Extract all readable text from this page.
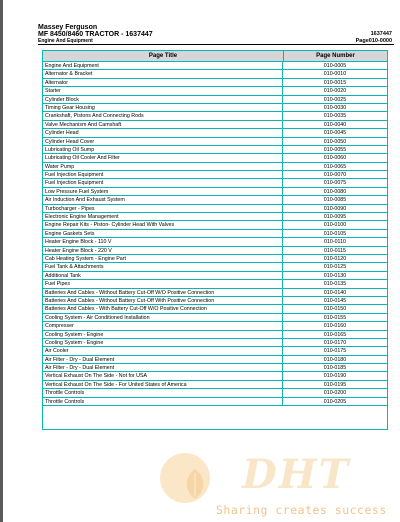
Massey Ferguson
MF 8450/8460 TRACTOR - 1637447	1637447
Engine And Equipment	Page010-0000
Page Title	Page Number
Engine And Equipment	010-0005
Alternator & Bracket	010-0010
Alternator	010-0015
Starter	010-0020
Cylinder Block	010-0025
Timing Gear Housing	010-0030
Crankshaft, Pistons And Connecting Rods	010-0035
Valve Mechanism And Camshaft	010-0040
Cylinder Head	010-0045
Cylinder Head Cover	010-0050
Lubricating Oil Sump	010-0055
Lubricating Oil Cooler And Filter	010-0060
Water Pump	010-0065
Fuel Injection Equipment	010-0070
Fuel Injection Equipment	010-0075
Low Pressure Fuel System	010-0080
Air Induction And Exhaust System	010-0085
Turbocharger - Pipes	010-0090
Electronic Engine Management	010-0095
Engine Repair Kits - Piston- Cylinder Head With Valves	010-0100
Engine Gaskets Sets	010-0105
Heater Engine Block - 110 V	010-0110
Heater Engine Block - 220 V	010-0115
Cab Heating System - Engine Part	010-0120
Fuel Tank & Attachments	010-0125
Additional Tank	010-0130
Fuel Pipes	010-0135
Batteries And Cables - Without Battery Cut-Off W/O Positive Connection	010-0140
Batteries And Cables - Without Battery Cut-Off With Positive Connection	010-0145
Batteries And Cables - With Battery Cut-Off W/O Positive Connection	010-0150
Cooling System - Air Conditioned Installation	010-0155
Compresser	010-0160
Cooling System - Engine	010-0165
Cooling System - Engine	010-0170
Air Cooler	010-0175
Air Filter - Dry - Dual Element	010-0180
Air Filter - Dry - Dual Element	010-0185
Vertical Exhaust On The Side - Not for USA	010-0190
Vertical Exhaust On The Side - For United States of America	010-0195
Throttle Controls	010-0200
Throttle Controls	010-0205
DHT
Sharing creates success
